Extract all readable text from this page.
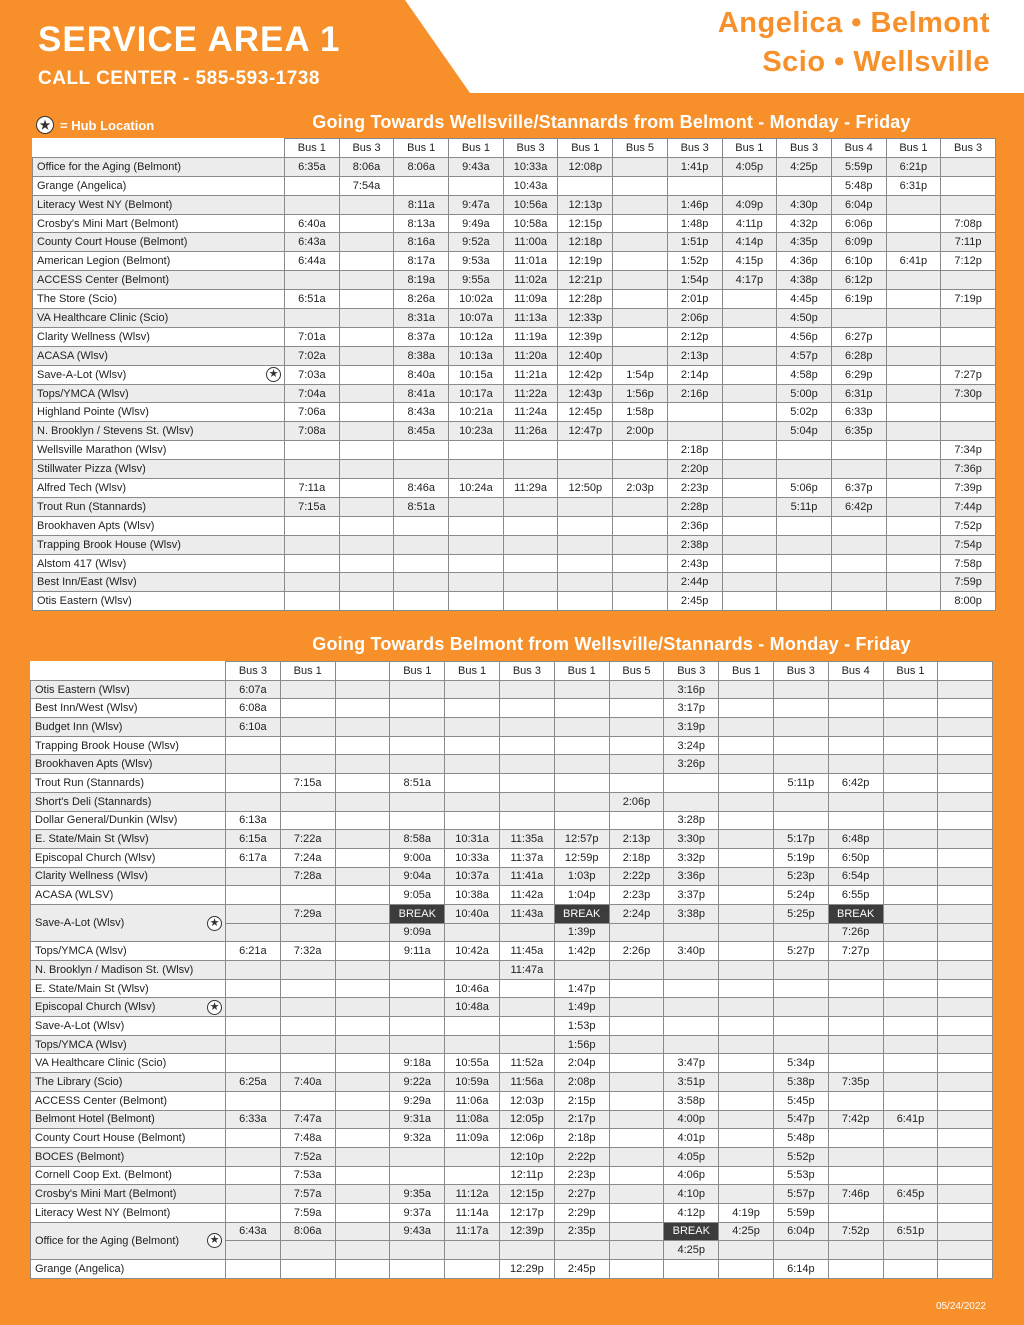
SERVICE AREA 1
CALL CENTER - 585-593-1738
Angelica • Belmont
Scio • Wellsville
★ = Hub Location	Going Towards Wellsville/Stannards from Belmont - Monday - Friday
	Bus 1	Bus 3	Bus 1	Bus 1	Bus 3	Bus 1	Bus 5	Bus 3	Bus 1	Bus 3	Bus 4	Bus 1	Bus 3

Office for the Aging (Belmont)	6:35a	8:06a	8:06a	9:43a	10:33a	12:08p		1:41p	4:05p	4:25p	5:59p	6:21p	

Grange (Angelica)		7:54a			10:43a						5:48p	6:31p	

Literacy West NY (Belmont)			8:11a	9:47a	10:56a	12:13p		1:46p	4:09p	4:30p	6:04p		

Crosby's Mini Mart (Belmont)	6:40a		8:13a	9:49a	10:58a	12:15p		1:48p	4:11p	4:32p	6:06p		7:08p

County Court House (Belmont)	6:43a		8:16a	9:52a	11:00a	12:18p		1:51p	4:14p	4:35p	6:09p		7:11p

American Legion (Belmont)	6:44a		8:17a	9:53a	11:01a	12:19p		1:52p	4:15p	4:36p	6:10p	6:41p	7:12p

ACCESS Center (Belmont)			8:19a	9:55a	11:02a	12:21p		1:54p	4:17p	4:38p	6:12p		

The Store (Scio)	6:51a		8:26a	10:02a	11:09a	12:28p		2:01p		4:45p	6:19p		7:19p

VA Healthcare Clinic (Scio)			8:31a	10:07a	11:13a	12:33p		2:06p		4:50p			

Clarity Wellness (Wlsv)	7:01a		8:37a	10:12a	11:19a	12:39p		2:12p		4:56p	6:27p		

ACASA (Wlsv)	7:02a		8:38a	10:13a	11:20a	12:40p		2:13p		4:57p	6:28p		

Save-A-Lot (Wlsv) ★	7:03a		8:40a	10:15a	11:21a	12:42p	1:54p	2:14p		4:58p	6:29p		7:27p

Tops/YMCA (Wlsv)	7:04a		8:41a	10:17a	11:22a	12:43p	1:56p	2:16p		5:00p	6:31p		7:30p

Highland Pointe (Wlsv)	7:06a		8:43a	10:21a	11:24a	12:45p	1:58p			5:02p	6:33p		

N. Brooklyn / Stevens St. (Wlsv)	7:08a		8:45a	10:23a	11:26a	12:47p	2:00p			5:04p	6:35p		

Wellsville Marathon (Wlsv)								2:18p					7:34p

Stillwater Pizza (Wlsv)								2:20p					7:36p

Alfred Tech (Wlsv)	7:11a		8:46a	10:24a	11:29a	12:50p	2:03p	2:23p		5:06p	6:37p		7:39p

Trout Run (Stannards)	7:15a		8:51a					2:28p		5:11p	6:42p		7:44p

Brookhaven Apts (Wlsv)								2:36p					7:52p

Trapping Brook House (Wlsv)								2:38p					7:54p

Alstom 417 (Wlsv)								2:43p					7:58p

Best Inn/East (Wlsv)								2:44p					7:59p

Otis Eastern (Wlsv)								2:45p					8:00p
Going Towards Belmont from Wellsville/Stannards - Monday - Friday
	Bus 3	Bus 1		Bus 1	Bus 1	Bus 3	Bus 1	Bus 5	Bus 3	Bus 1	Bus 3	Bus 4	Bus 1	

Otis Eastern (Wlsv)	6:07a								3:16p					

Best Inn/West (Wlsv)	6:08a								3:17p					

Budget Inn (Wlsv)	6:10a								3:19p					

Trapping Brook House (Wlsv)									3:24p					

Brookhaven Apts (Wlsv)									3:26p					

Trout Run (Stannards)		7:15a		8:51a							5:11p	6:42p		

Short's Deli (Stannards)								2:06p						

Dollar General/Dunkin (Wlsv)	6:13a								3:28p					

E. State/Main St (Wlsv)	6:15a	7:22a		8:58a	10:31a	11:35a	12:57p	2:13p	3:30p		5:17p	6:48p		

Episcopal Church (Wlsv)	6:17a	7:24a		9:00a	10:33a	11:37a	12:59p	2:18p	3:32p		5:19p	6:50p		

Clarity Wellness (Wlsv)		7:28a		9:04a	10:37a	11:41a	1:03p	2:22p	3:36p		5:23p	6:54p		

ACASA (WLSV)				9:05a	10:38a	11:42a	1:04p	2:23p	3:37p		5:24p	6:55p		

Save-A-Lot (Wlsv) ★		7:29a		BREAK	10:40a	11:43a	BREAK	2:24p	3:38p		5:25p	BREAK		
				9:09a			1:39p					7:26p		

Tops/YMCA (Wlsv)	6:21a	7:32a		9:11a	10:42a	11:45a	1:42p	2:26p	3:40p		5:27p	7:27p		

N. Brooklyn / Madison St. (Wlsv)						11:47a								

E. State/Main St (Wlsv)					10:46a		1:47p							

Episcopal Church (Wlsv) ★					10:48a		1:49p							

Save-A-Lot (Wlsv)							1:53p							

Tops/YMCA (Wlsv)							1:56p							

VA Healthcare Clinic (Scio)				9:18a	10:55a	11:52a	2:04p		3:47p		5:34p			

The Library (Scio)	6:25a	7:40a		9:22a	10:59a	11:56a	2:08p		3:51p		5:38p	7:35p		

ACCESS Center (Belmont)				9:29a	11:06a	12:03p	2:15p		3:58p		5:45p			

Belmont Hotel (Belmont)	6:33a	7:47a		9:31a	11:08a	12:05p	2:17p		4:00p		5:47p	7:42p	6:41p	

County Court House (Belmont)		7:48a		9:32a	11:09a	12:06p	2:18p		4:01p		5:48p			

BOCES (Belmont)		7:52a				12:10p	2:22p		4:05p		5:52p			

Cornell Coop Ext. (Belmont)		7:53a				12:11p	2:23p		4:06p		5:53p			

Crosby's Mini Mart (Belmont)		7:57a		9:35a	11:12a	12:15p	2:27p		4:10p		5:57p	7:46p	6:45p	

Literacy West NY (Belmont)		7:59a		9:37a	11:14a	12:17p	2:29p		4:12p	4:19p	5:59p			

Office for the Aging (Belmont) ★	6:43a	8:06a		9:43a	11:17a	12:39p	2:35p		BREAK	4:25p	6:04p	7:52p	6:51p	
									4:25p					

Grange (Angelica)						12:29p	2:45p				6:14p			
05/24/2022
